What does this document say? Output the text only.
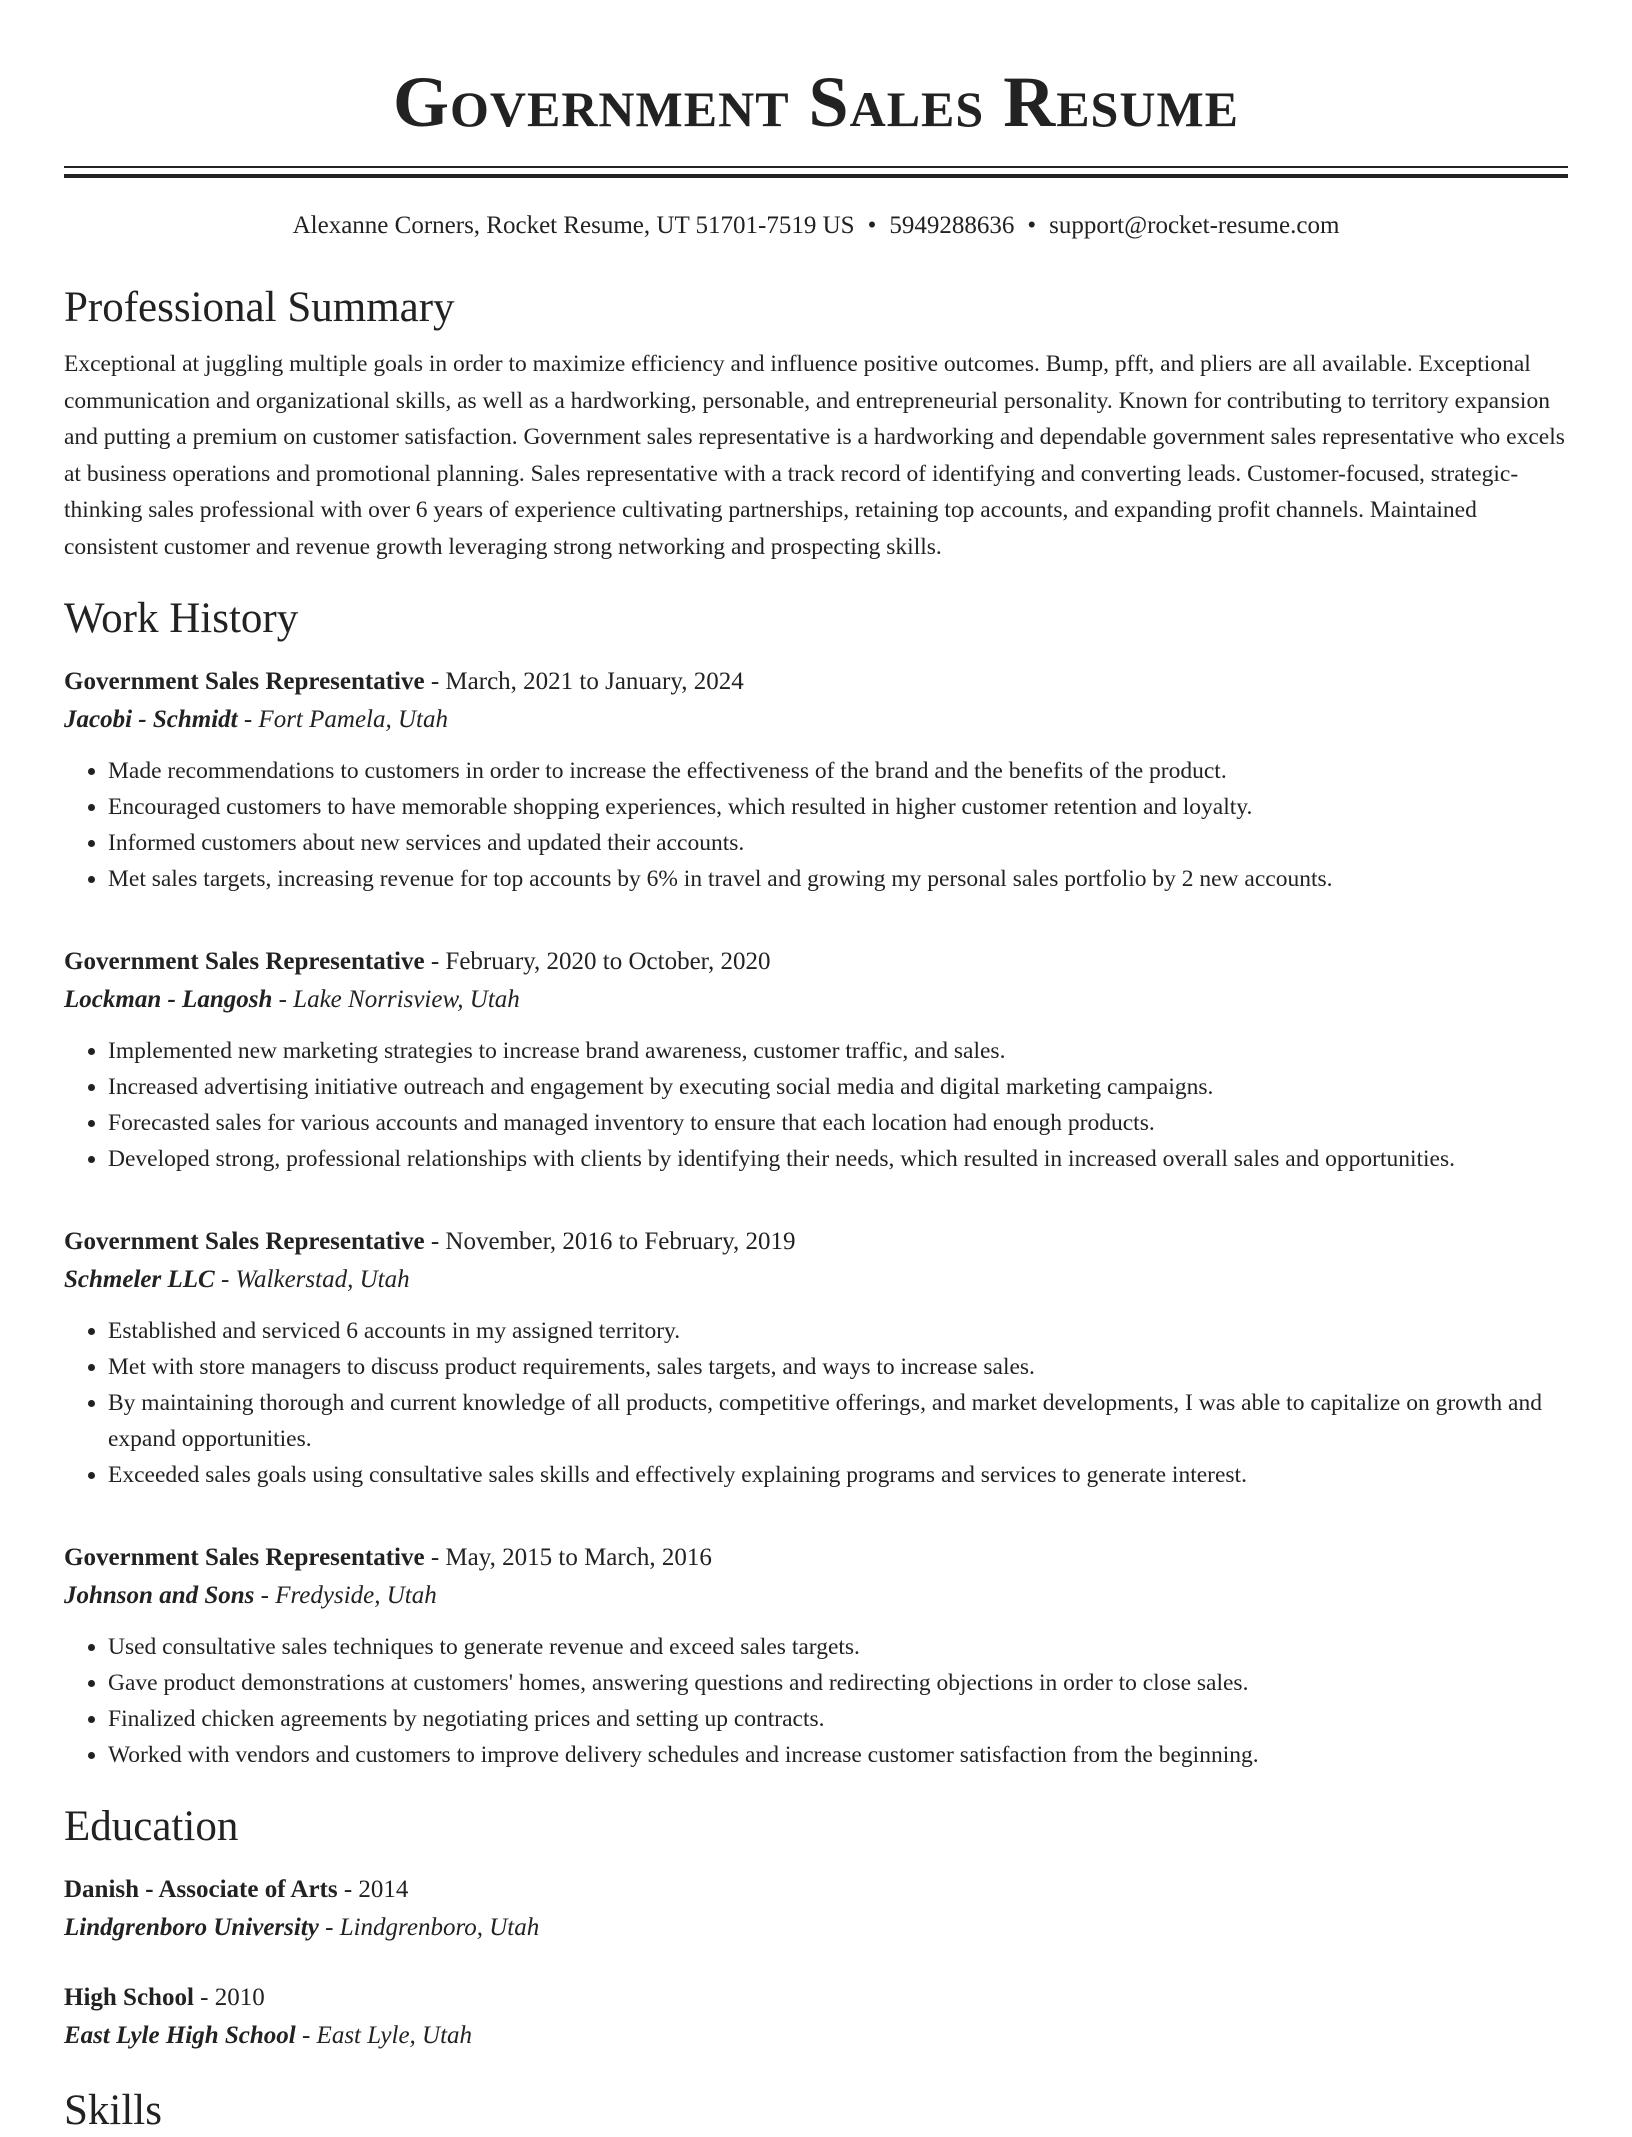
Government Sales Resume
Alexanne Corners, Rocket Resume, UT 51701-7519 US • 5949288636 • support@rocket-resume.com
Professional Summary

Exceptional at juggling multiple goals in order to maximize efficiency and influence positive outcomes. Bump, pfft, and pliers are all available. Exceptional communication and organizational skills, as well as a hardworking, personable, and entrepreneurial personality. Known for contributing to territory expansion and putting a premium on customer satisfaction. Government sales representative is a hardworking and dependable government sales representative who excels at business operations and promotional planning. Sales representative with a track record of identifying and converting leads. Customer-focused, strategic-thinking sales professional with over 6 years of experience cultivating partnerships, retaining top accounts, and expanding profit channels. Maintained consistent customer and revenue growth leveraging strong networking and prospecting skills.

Work History
Government Sales Representative - March, 2021 to January, 2024
Jacobi - Schmidt - Fort Pamela, Utah
• Made recommendations to customers in order to increase the effectiveness of the brand and the benefits of the product.
• Encouraged customers to have memorable shopping experiences, which resulted in higher customer retention and loyalty.
• Informed customers about new services and updated their accounts.
• Met sales targets, increasing revenue for top accounts by 6% in travel and growing my personal sales portfolio by 2 new accounts.
Government Sales Representative - February, 2020 to October, 2020
Lockman - Langosh - Lake Norrisview, Utah
• Implemented new marketing strategies to increase brand awareness, customer traffic, and sales.
• Increased advertising initiative outreach and engagement by executing social media and digital marketing campaigns.
• Forecasted sales for various accounts and managed inventory to ensure that each location had enough products.
• Developed strong, professional relationships with clients by identifying their needs, which resulted in increased overall sales and opportunities.
Government Sales Representative - November, 2016 to February, 2019
Schmeler LLC - Walkerstad, Utah
• Established and serviced 6 accounts in my assigned territory.
• Met with store managers to discuss product requirements, sales targets, and ways to increase sales.
• By maintaining thorough and current knowledge of all products, competitive offerings, and market developments, I was able to capitalize on growth and expand opportunities.
• Exceeded sales goals using consultative sales skills and effectively explaining programs and services to generate interest.
Government Sales Representative - May, 2015 to March, 2016
Johnson and Sons - Fredyside, Utah
• Used consultative sales techniques to generate revenue and exceed sales targets.
• Gave product demonstrations at customers' homes, answering questions and redirecting objections in order to close sales.
• Finalized chicken agreements by negotiating prices and setting up contracts.
• Worked with vendors and customers to improve delivery schedules and increase customer satisfaction from the beginning.
Education
Danish - Associate of Arts - 2014
Lindgrenboro University - Lindgrenboro, Utah
High School - 2010
East Lyle High School - East Lyle, Utah
Skills
